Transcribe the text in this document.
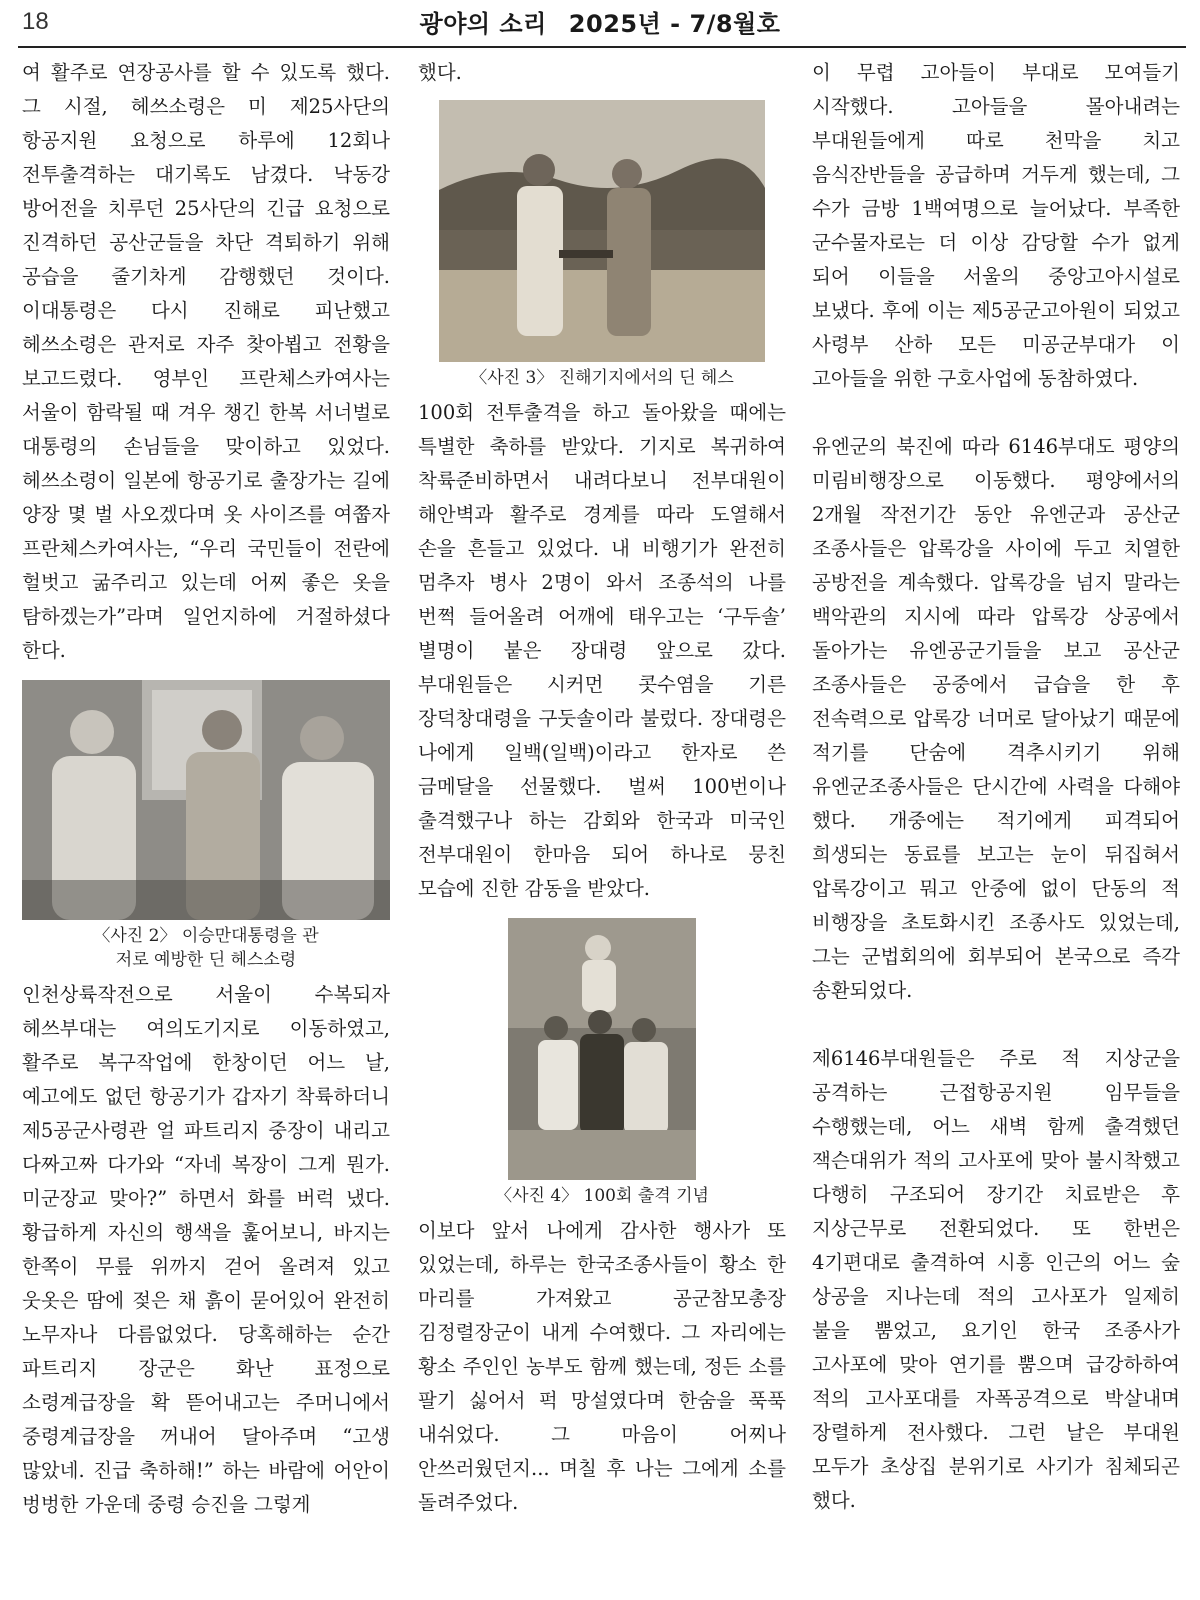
18	광야의 소리 2025년 - 7/8월호

여 활주로 연장공사를 할 수 있도록 했다. 그 시절, 헤쓰소령은 미 제25사단의 항공지원 요청으로 하루에 12회나 전투출격하는 대기록도 남겼다. 낙동강 방어전을 치루던 25사단의 긴급 요청으로 진격하던 공산군들을 차단 격퇴하기 위해 공습을 줄기차게 감행했던 것이다. 이대통령은 다시 진해로 피난했고 헤쓰소령은 관저로 자주 찾아뵙고 전황을 보고드렸다. 영부인 프란체스카여사는 서울이 함락될 때 겨우 챙긴 한복 서너벌로 대통령의 손님들을 맞이하고 있었다. 헤쓰소령이 일본에 항공기로 출장가는 길에 양장 몇 벌 사오겠다며 옷 사이즈를 여쭙자 프란체스카여사는, “우리 국민들이 전란에 헐벗고 굶주리고 있는데 어찌 좋은 옷을 탐하겠는가”라며 일언지하에 거절하셨다 한다.

〈사진 2〉 이승만대통령을 관
저로 예방한 딘 헤스소령

인천상륙작전으로 서울이 수복되자 헤쓰부대는 여의도기지로 이동하였고, 활주로 복구작업에 한창이던 어느 날, 예고에도 없던 항공기가 갑자기 착륙하더니 제5공군사령관 얼 파트리지 중장이 내리고 다짜고짜 다가와 “자네 복장이 그게 뭔가. 미군장교 맞아?” 하면서 화를 버럭 냈다. 황급하게 자신의 행색을 훑어보니, 바지는 한쪽이 무릎 위까지 걷어 올려져 있고 웃옷은 땀에 젖은 채 흙이 묻어있어 완전히 노무자나 다름없었다. 당혹해하는 순간 파트리지 장군은 화난 표정으로 소령계급장을 확 뜯어내고는 주머니에서 중령계급장을 꺼내어 달아주며 “고생 많았네. 진급 축하해!” 하는 바람에 어안이 벙벙한 가운데 중령 승진을 그렇게

했다.

〈사진 3〉 진해기지에서의 딘 헤스

100회 전투출격을 하고 돌아왔을 때에는 특별한 축하를 받았다. 기지로 복귀하여 착륙준비하면서 내려다보니 전부대원이 해안벽과 활주로 경계를 따라 도열해서 손을 흔들고 있었다. 내 비행기가 완전히 멈추자 병사 2명이 와서 조종석의 나를 번쩍 들어올려 어깨에 태우고는 ‘구두솔’ 별명이 붙은 장대령 앞으로 갔다. 부대원들은 시커먼 콧수염을 기른 장덕창대령을 구둣솔이라 불렀다. 장대령은 나에게 일백(일백)이라고 한자로 쓴 금메달을 선물했다. 벌써 100번이나 출격했구나 하는 감회와 한국과 미국인 전부대원이 한마음 되어 하나로 뭉친 모습에 진한 감동을 받았다.

〈사진 4〉 100회 출격 기념

이보다 앞서 나에게 감사한 행사가 또 있었는데, 하루는 한국조종사들이 황소 한 마리를 가져왔고 공군참모총장 김정렬장군이 내게 수여했다. 그 자리에는 황소 주인인 농부도 함께 했는데, 정든 소를 팔기 싫어서 퍽 망설였다며 한숨을 푹푹 내쉬었다. 그 마음이 어찌나 안쓰러웠던지... 며칠 후 나는 그에게 소를 돌려주었다.

이 무렵 고아들이 부대로 모여들기 시작했다. 고아들을 몰아내려는 부대원들에게 따로 천막을 치고 음식잔반들을 공급하며 거두게 했는데, 그 수가 금방 1백여명으로 늘어났다. 부족한 군수물자로는 더 이상 감당할 수가 없게 되어 이들을 서울의 중앙고아시설로 보냈다. 후에 이는 제5공군고아원이 되었고 사령부 산하 모든 미공군부대가 이 고아들을 위한 구호사업에 동참하였다.

유엔군의 북진에 따라 6146부대도 평양의 미림비행장으로 이동했다. 평양에서의 2개월 작전기간 동안 유엔군과 공산군 조종사들은 압록강을 사이에 두고 치열한 공방전을 계속했다. 압록강을 넘지 말라는 백악관의 지시에 따라 압록강 상공에서 돌아가는 유엔공군기들을 보고 공산군 조종사들은 공중에서 급습을 한 후 전속력으로 압록강 너머로 달아났기 때문에 적기를 단숨에 격추시키기 위해 유엔군조종사들은 단시간에 사력을 다해야 했다. 개중에는 적기에게 피격되어 희생되는 동료를 보고는 눈이 뒤집혀서 압록강이고 뭐고 안중에 없이 단동의 적 비행장을 초토화시킨 조종사도 있었는데, 그는 군법회의에 회부되어 본국으로 즉각 송환되었다.

제6146부대원들은 주로 적 지상군을 공격하는 근접항공지원 임무들을 수행했는데, 어느 새벽 함께 출격했던 잭슨대위가 적의 고사포에 맞아 불시착했고 다행히 구조되어 장기간 치료받은 후 지상근무로 전환되었다. 또 한번은 4기편대로 출격하여 시흥 인근의 어느 숲 상공을 지나는데 적의 고사포가 일제히 불을 뿜었고, 요기인 한국 조종사가 고사포에 맞아 연기를 뿜으며 급강하하여 적의 고사포대를 자폭공격으로 박살내며 장렬하게 전사했다. 그런 날은 부대원 모두가 초상집 분위기로 사기가 침체되곤 했다.
